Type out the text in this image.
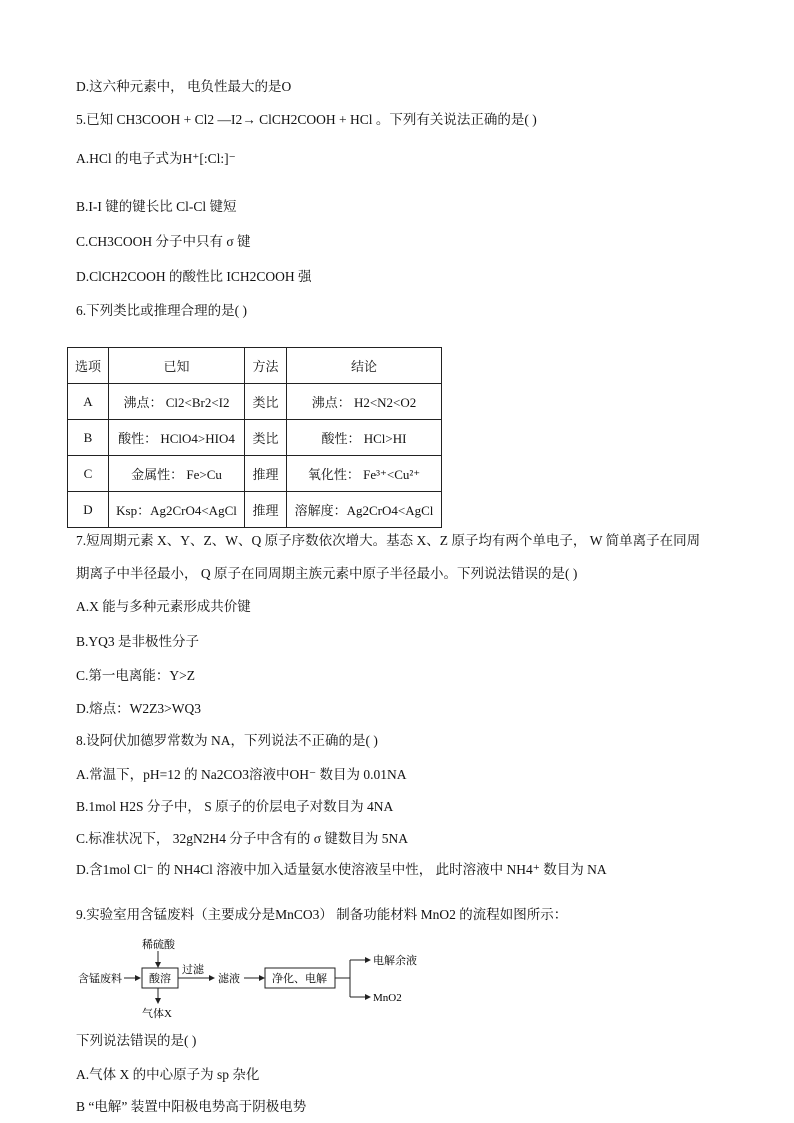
D.这六种元素中， 电负性最大的是O
5.已知 CH3COOH + Cl2 —I2→ ClCH2COOH + HCl 。下列有关说法正确的是( )
A.HCl 的电子式为H⁺[:Cl:]⁻
B.I-I 键的键长比 Cl-Cl 键短
C.CH3COOH 分子中只有 σ 键
D.ClCH2COOH 的酸性比 ICH2COOH 强
6.下列类比或推理合理的是( )
选项	已知	方法	结论
A	沸点： Cl2<Br2<I2	类比	沸点： H2<N2<O2
B	酸性： HClO4>HIO4	类比	酸性： HCl>HI
C	金属性： Fe>Cu	推理	氧化性： Fe³⁺<Cu²⁺
D	Ksp：Ag2CrO4<AgCl	推理	溶解度：Ag2CrO4<AgCl
7.短周期元素 X、Y、Z、W、Q 原子序数依次增大。基态 X、Z 原子均有两个单电子， W 简单离子在同周
期离子中半径最小， Q 原子在同周期主族元素中原子半径最小。下列说法错误的是( )
A.X 能与多种元素形成共价键
B.YQ3 是非极性分子
C.第一电离能：Y>Z
D.熔点：W2Z3>WQ3
8.设阿伏加德罗常数为 NA，下列说法不正确的是( )
A.常温下，pH=12 的 Na2CO3溶液中OH⁻ 数目为 0.01NA
B.1mol H2S 分子中， S 原子的价层电子对数目为 4NA
C.标准状况下， 32gN2H4 分子中含有的 σ 键数目为 5NA
D.含1mol Cl⁻ 的 NH4Cl 溶液中加入适量氨水使溶液呈中性， 此时溶液中 NH4⁺ 数目为 NA
9.实验室用含锰废料（主要成分是MnCO3） 制备功能材料 MnO2 的流程如图所示：
含锰废料
稀硫酸
酸溶
气体X
过滤
滤液	净化、电解
电解余液
MnO2
下列说法错误的是( )
A.气体 X 的中心原子为 sp 杂化
B “电解” 装置中阳极电势高于阴极电势
